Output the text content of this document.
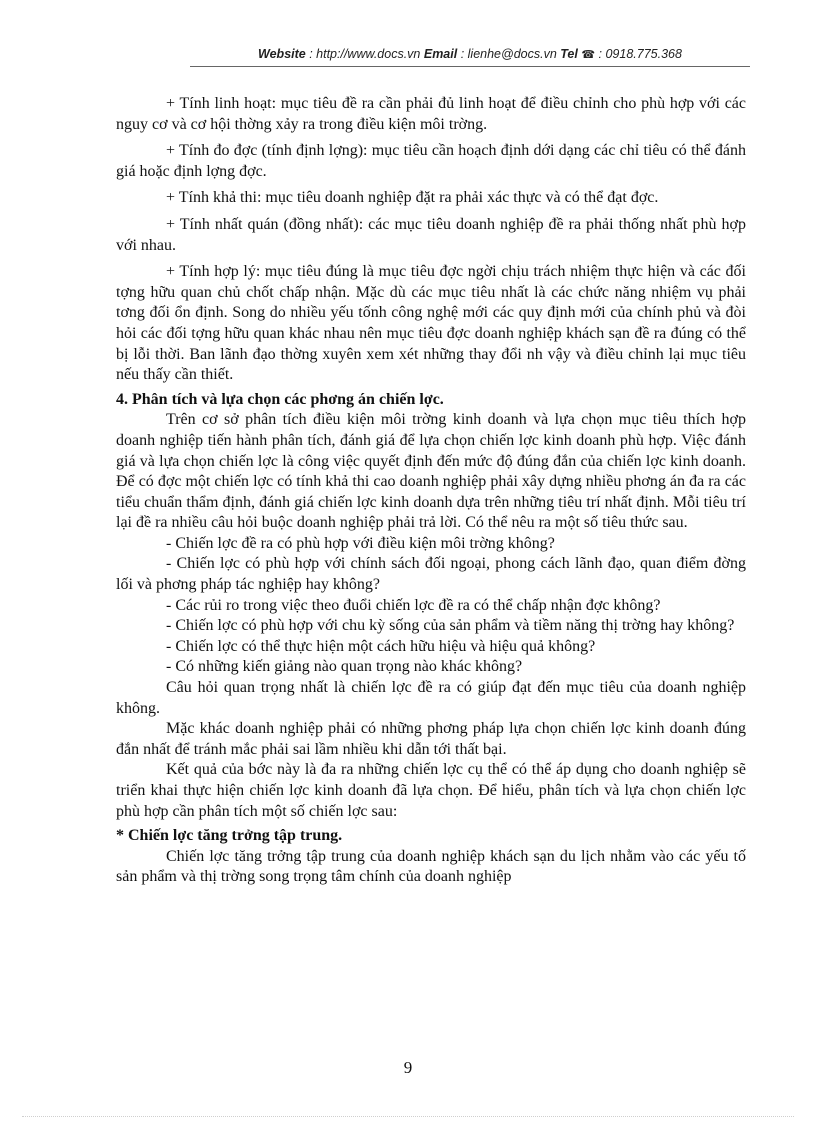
Website : http://www.docs.vn Email : lienhe@docs.vn Tel ☎ : 0918.775.368

+ Tính linh hoạt: mục tiêu đề ra cần phải đủ linh hoạt để điều chỉnh cho phù hợp với các nguy cơ và cơ hội thờng xảy ra trong điều kiện môi trờng.

+ Tính đo đợc (tính định lợng): mục tiêu cần hoạch định dới dạng các chỉ tiêu có thể đánh giá hoặc định lợng đợc.

+ Tính khả thi: mục tiêu doanh nghiệp đặt ra phải xác thực và có thể đạt đợc.

+ Tính nhất quán (đồng nhất): các mục tiêu doanh nghiệp đề ra phải thống nhất phù hợp với nhau.

+ Tính hợp lý: mục tiêu đúng là mục tiêu đợc ngời chịu trách nhiệm thực hiện và các đối tợng hữu quan chủ chốt chấp nhận. Mặc dù các mục tiêu nhất là các chức năng nhiệm vụ phải tơng đối ổn định. Song do nhiều yếu tốnh công nghệ mới các quy định mới của chính phủ và đòi hỏi các đối tợng hữu quan khác nhau nên mục tiêu đợc doanh nghiệp khách sạn đề ra đúng có thể bị lỗi thời. Ban lãnh đạo thờng xuyên xem xét những thay đổi nh vậy và điều chỉnh lại mục tiêu nếu thấy cần thiết.

4. Phân tích và lựa chọn các phơng án chiến lợc.

Trên cơ sở phân tích điều kiện môi trờng kinh doanh và lựa chọn mục tiêu thích hợp doanh nghiệp tiến hành phân tích, đánh giá để lựa chọn chiến lợc kinh doanh phù hợp. Việc đánh giá và lựa chọn chiến lợc là công việc quyết định đến mức độ đúng đắn của chiến lợc kinh doanh. Để có đợc một chiến lợc có tính khả thi cao doanh nghiệp phải xây dựng nhiều phơng án đa ra các tiểu chuẩn thẩm định, đánh giá chiến lợc kinh doanh dựa trên những tiêu trí nhất định. Mỗi tiêu trí lại đề ra nhiều câu hỏi buộc doanh nghiệp phải trả lời. Có thể nêu ra một số tiêu thức sau.

- Chiến lợc đề ra có phù hợp với điều kiện môi trờng không?

- Chiến lợc có phù hợp với chính sách đối ngoại, phong cách lãnh đạo, quan điểm đờng lối và phơng pháp tác nghiệp hay không?

- Các rủi ro trong việc theo đuổi chiến lợc đề ra có thể chấp nhận đợc không?

- Chiến lợc có phù hợp với chu kỳ sống của sản phẩm và tiềm năng thị trờng hay không?

- Chiến lợc có thể thực hiện một cách hữu hiệu và hiệu quả không?

- Có những kiến giảng nào quan trọng nào khác không?

Câu hỏi quan trọng nhất là chiến lợc đề ra có giúp đạt đến mục tiêu của doanh nghiệp không.

Mặc khác doanh nghiệp phải có những phơng pháp lựa chọn chiến lợc kinh doanh đúng đắn nhất để tránh mắc phải sai lầm nhiều khi dẫn tới thất bại.

Kết quả của bớc này là đa ra những chiến lợc cụ thể có thể áp dụng cho doanh nghiệp sẽ triển khai thực hiện chiến lợc kinh doanh đã lựa chọn. Để hiểu, phân tích và lựa chọn chiến lợc phù hợp cần phân tích một số chiến lợc sau:

* Chiến lợc tăng trởng tập trung.

Chiến lợc tăng trởng tập trung của doanh nghiệp khách sạn du lịch nhằm vào các yếu tố sản phẩm và thị trờng song trọng tâm chính của doanh nghiệp

9
